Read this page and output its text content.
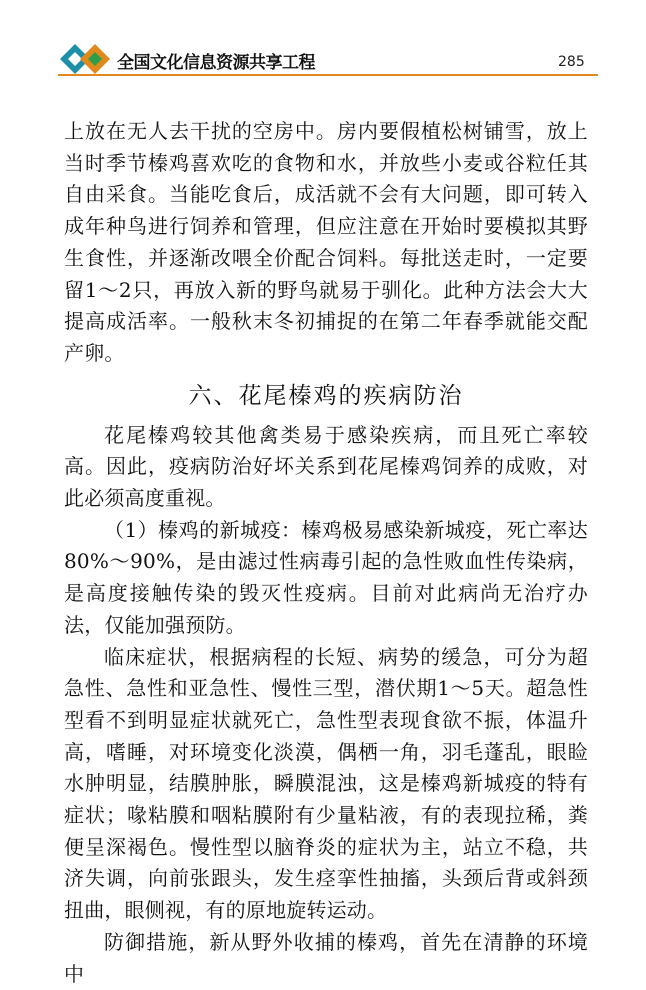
全国文化信息资源共享工程	285

上放在无人去干扰的空房中。房内要假植松树铺雪，放上当时季节榛鸡喜欢吃的食物和水，并放些小麦或谷粒任其自由采食。当能吃食后，成活就不会有大问题，即可转入成年种鸟进行饲养和管理，但应注意在开始时要模拟其野生食性，并逐渐改喂全价配合饲料。每批送走时，一定要留1～2只，再放入新的野鸟就易于驯化。此种方法会大大提高成活率。一般秋末冬初捕捉的在第二年春季就能交配产卵。

六、花尾榛鸡的疾病防治

花尾榛鸡较其他禽类易于感染疾病，而且死亡率较高。因此，疫病防治好坏关系到花尾榛鸡饲养的成败，对此必须高度重视。

（1）榛鸡的新城疫：榛鸡极易感染新城疫，死亡率达80%～90%，是由滤过性病毒引起的急性败血性传染病，是高度接触传染的毁灭性疫病。目前对此病尚无治疗办法，仅能加强预防。

临床症状，根据病程的长短、病势的缓急，可分为超急性、急性和亚急性、慢性三型，潜伏期1～5天。超急性型看不到明显症状就死亡，急性型表现食欲不振，体温升高，嗜睡，对环境变化淡漠，偶栖一角，羽毛蓬乱，眼睑水肿明显，结膜肿胀，瞬膜混浊，这是榛鸡新城疫的特有症状；喙粘膜和咽粘膜附有少量粘液，有的表现拉稀，粪便呈深褐色。慢性型以脑脊炎的症状为主，站立不稳，共济失调，向前张跟头，发生痉挛性抽搐，头颈后背或斜颈扭曲，眼侧视，有的原地旋转运动。

防御措施，新从野外收捕的榛鸡，首先在清静的环境中
